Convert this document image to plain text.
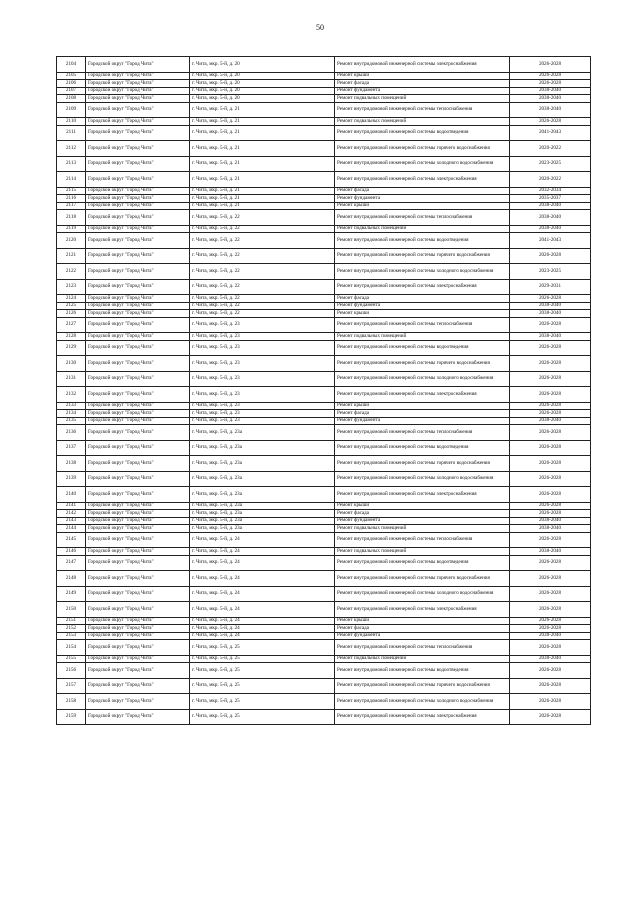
50
2104	Городской округ "Город Чита"	г. Чита, мкр. 5-й, д. 20	Ремонт внутридомовой инженерной системы электроснабжения	2026-2028
2105	Городской округ "Город Чита"	г. Чита, мкр. 5-й, д. 20	Ремонт крыши	2026-2028
2106	Городской округ "Город Чита"	г. Чита, мкр. 5-й, д. 20	Ремонт фасада	2026-2028
2107	Городской округ "Город Чита"	г. Чита, мкр. 5-й, д. 20	Ремонт фундамента	2038-2040
2108	Городской округ "Город Чита"	г. Чита, мкр. 5-й, д. 20	Ремонт подвальных помещений	2038-2040
2109	Городской округ "Город Чита"	г. Чита, мкр. 5-й, д. 21	Ремонт внутридомовой инженерной системы теплоснабжения	2038-2040
2110	Городской округ "Город Чита"	г. Чита, мкр. 5-й, д. 21	Ремонт подвальных помещений	2026-2028
2111	Городской округ "Город Чита"	г. Чита, мкр. 5-й, д. 21	Ремонт внутридомовой инженерной системы водоотведения	2041-2043
2112	Городской округ "Город Чита"	г. Чита, мкр. 5-й, д. 21	Ремонт внутридомовой инженерной системы горячего водоснабжения	2020-2022
2113	Городской округ "Город Чита"	г. Чита, мкр. 5-й, д. 21	Ремонт внутридомовой инженерной системы холодного водоснабжения	2023-2025
2114	Городской округ "Город Чита"	г. Чита, мкр. 5-й, д. 21	Ремонт внутридомовой инженерной системы электроснабжения	2020-2022
2115	Городской округ "Город Чита"	г. Чита, мкр. 5-й, д. 21	Ремонт фасада	2032-2034
2116	Городской округ "Город Чита"	г. Чита, мкр. 5-й, д. 21	Ремонт фундамента	2035-2037
2117	Городской округ "Город Чита"	г. Чита, мкр. 5-й, д. 21	Ремонт крыши	2038-2040
2118	Городской округ "Город Чита"	г. Чита, мкр. 5-й, д. 22	Ремонт внутридомовой инженерной системы теплоснабжения	2038-2040
2119	Городской округ "Город Чита"	г. Чита, мкр. 5-й, д. 22	Ремонт подвальных помещений	2038-2040
2120	Городской округ "Город Чита"	г. Чита, мкр. 5-й, д. 22	Ремонт внутридомовой инженерной системы водоотведения	2041-2043
2121	Городской округ "Город Чита"	г. Чита, мкр. 5-й, д. 22	Ремонт внутридомовой инженерной системы горячего водоснабжения	2026-2028
2122	Городской округ "Город Чита"	г. Чита, мкр. 5-й, д. 22	Ремонт внутридомовой инженерной системы холодного водоснабжения	2023-2025
2123	Городской округ "Город Чита"	г. Чита, мкр. 5-й, д. 22	Ремонт внутридомовой инженерной системы электроснабжения	2029-2031
2124	Городской округ "Город Чита"	г. Чита, мкр. 5-й, д. 22	Ремонт фасада	2026-2028
2125	Городской округ "Город Чита"	г. Чита, мкр. 5-й, д. 22	Ремонт фундамента	2038-2040
2126	Городской округ "Город Чита"	г. Чита, мкр. 5-й, д. 22	Ремонт крыши	2038-2040
2127	Городской округ "Город Чита"	г. Чита, мкр. 5-й, д. 23	Ремонт внутридомовой инженерной системы теплоснабжения	2026-2028
2128	Городской округ "Город Чита"	г. Чита, мкр. 5-й, д. 23	Ремонт подвальных помещений	2038-2040
2129	Городской округ "Город Чита"	г. Чита, мкр. 5-й, д. 23	Ремонт внутридомовой инженерной системы водоотведения	2026-2028
2130	Городской округ "Город Чита"	г. Чита, мкр. 5-й, д. 23	Ремонт внутридомовой инженерной системы горячего водоснабжения	2026-2028
2131	Городской округ "Город Чита"	г. Чита, мкр. 5-й, д. 23	Ремонт внутридомовой инженерной системы холодного водоснабжения	2026-2028
2132	Городской округ "Город Чита"	г. Чита, мкр. 5-й, д. 23	Ремонт внутридомовой инженерной системы электроснабжения	2026-2028
2133	Городской округ "Город Чита"	г. Чита, мкр. 5-й, д. 23	Ремонт крыши	2026-2028
2134	Городской округ "Город Чита"	г. Чита, мкр. 5-й, д. 23	Ремонт фасада	2026-2028
2135	Городской округ "Город Чита"	г. Чита, мкр. 5-й, д. 23	Ремонт фундамента	2038-2040
2136	Городской округ "Город Чита"	г. Чита, мкр. 5-й, д. 23а	Ремонт внутридомовой инженерной системы теплоснабжения	2026-2028
2137	Городской округ "Город Чита"	г. Чита, мкр. 5-й, д. 23а	Ремонт внутридомовой инженерной системы водоотведения	2026-2028
2138	Городской округ "Город Чита"	г. Чита, мкр. 5-й, д. 23а	Ремонт внутридомовой инженерной системы горячего водоснабжения	2026-2028
2139	Городской округ "Город Чита"	г. Чита, мкр. 5-й, д. 23а	Ремонт внутридомовой инженерной системы холодного водоснабжения	2026-2028
2140	Городской округ "Город Чита"	г. Чита, мкр. 5-й, д. 23а	Ремонт внутридомовой инженерной системы электроснабжения	2026-2028
2141	Городской округ "Город Чита"	г. Чита, мкр. 5-й, д. 23а	Ремонт крыши	2026-2028
2142	Городской округ "Город Чита"	г. Чита, мкр. 5-й, д. 23а	Ремонт фасада	2026-2028
2143	Городской округ "Город Чита"	г. Чита, мкр. 5-й, д. 23а	Ремонт фундамента	2038-2040
2144	Городской округ "Город Чита"	г. Чита, мкр. 5-й, д. 23а	Ремонт подвальных помещений	2038-2040
2145	Городской округ "Город Чита"	г. Чита, мкр. 5-й, д. 24	Ремонт внутридомовой инженерной системы теплоснабжения	2026-2028
2146	Городской округ "Город Чита"	г. Чита, мкр. 5-й, д. 24	Ремонт подвальных помещений	2038-2040
2147	Городской округ "Город Чита"	г. Чита, мкр. 5-й, д. 24	Ремонт внутридомовой инженерной системы водоотведения	2026-2028
2148	Городской округ "Город Чита"	г. Чита, мкр. 5-й, д. 24	Ремонт внутридомовой инженерной системы горячего водоснабжения	2026-2028
2149	Городской округ "Город Чита"	г. Чита, мкр. 5-й, д. 24	Ремонт внутридомовой инженерной системы холодного водоснабжения	2026-2028
2150	Городской округ "Город Чита"	г. Чита, мкр. 5-й, д. 24	Ремонт внутридомовой инженерной системы электроснабжения	2026-2028
2151	Городской округ "Город Чита"	г. Чита, мкр. 5-й, д. 24	Ремонт крыши	2026-2028
2152	Городской округ "Город Чита"	г. Чита, мкр. 5-й, д. 24	Ремонт фасада	2026-2028
2153	Городской округ "Город Чита"	г. Чита, мкр. 5-й, д. 24	Ремонт фундамента	2038-2040
2154	Городской округ "Город Чита"	г. Чита, мкр. 5-й, д. 25	Ремонт внутридомовой инженерной системы теплоснабжения	2026-2028
2155	Городской округ "Город Чита"	г. Чита, мкр. 5-й, д. 25	Ремонт подвальных помещений	2038-2040
2156	Городской округ "Город Чита"	г. Чита, мкр. 5-й, д. 25	Ремонт внутридомовой инженерной системы водоотведения	2026-2028
2157	Городской округ "Город Чита"	г. Чита, мкр. 5-й, д. 25	Ремонт внутридомовой инженерной системы горячего водоснабжения	2026-2028
2158	Городской округ "Город Чита"	г. Чита, мкр. 5-й, д. 25	Ремонт внутридомовой инженерной системы холодного водоснабжения	2026-2028
2159	Городской округ "Город Чита"	г. Чита, мкр. 5-й, д. 25	Ремонт внутридомовой инженерной системы электроснабжения	2026-2028
